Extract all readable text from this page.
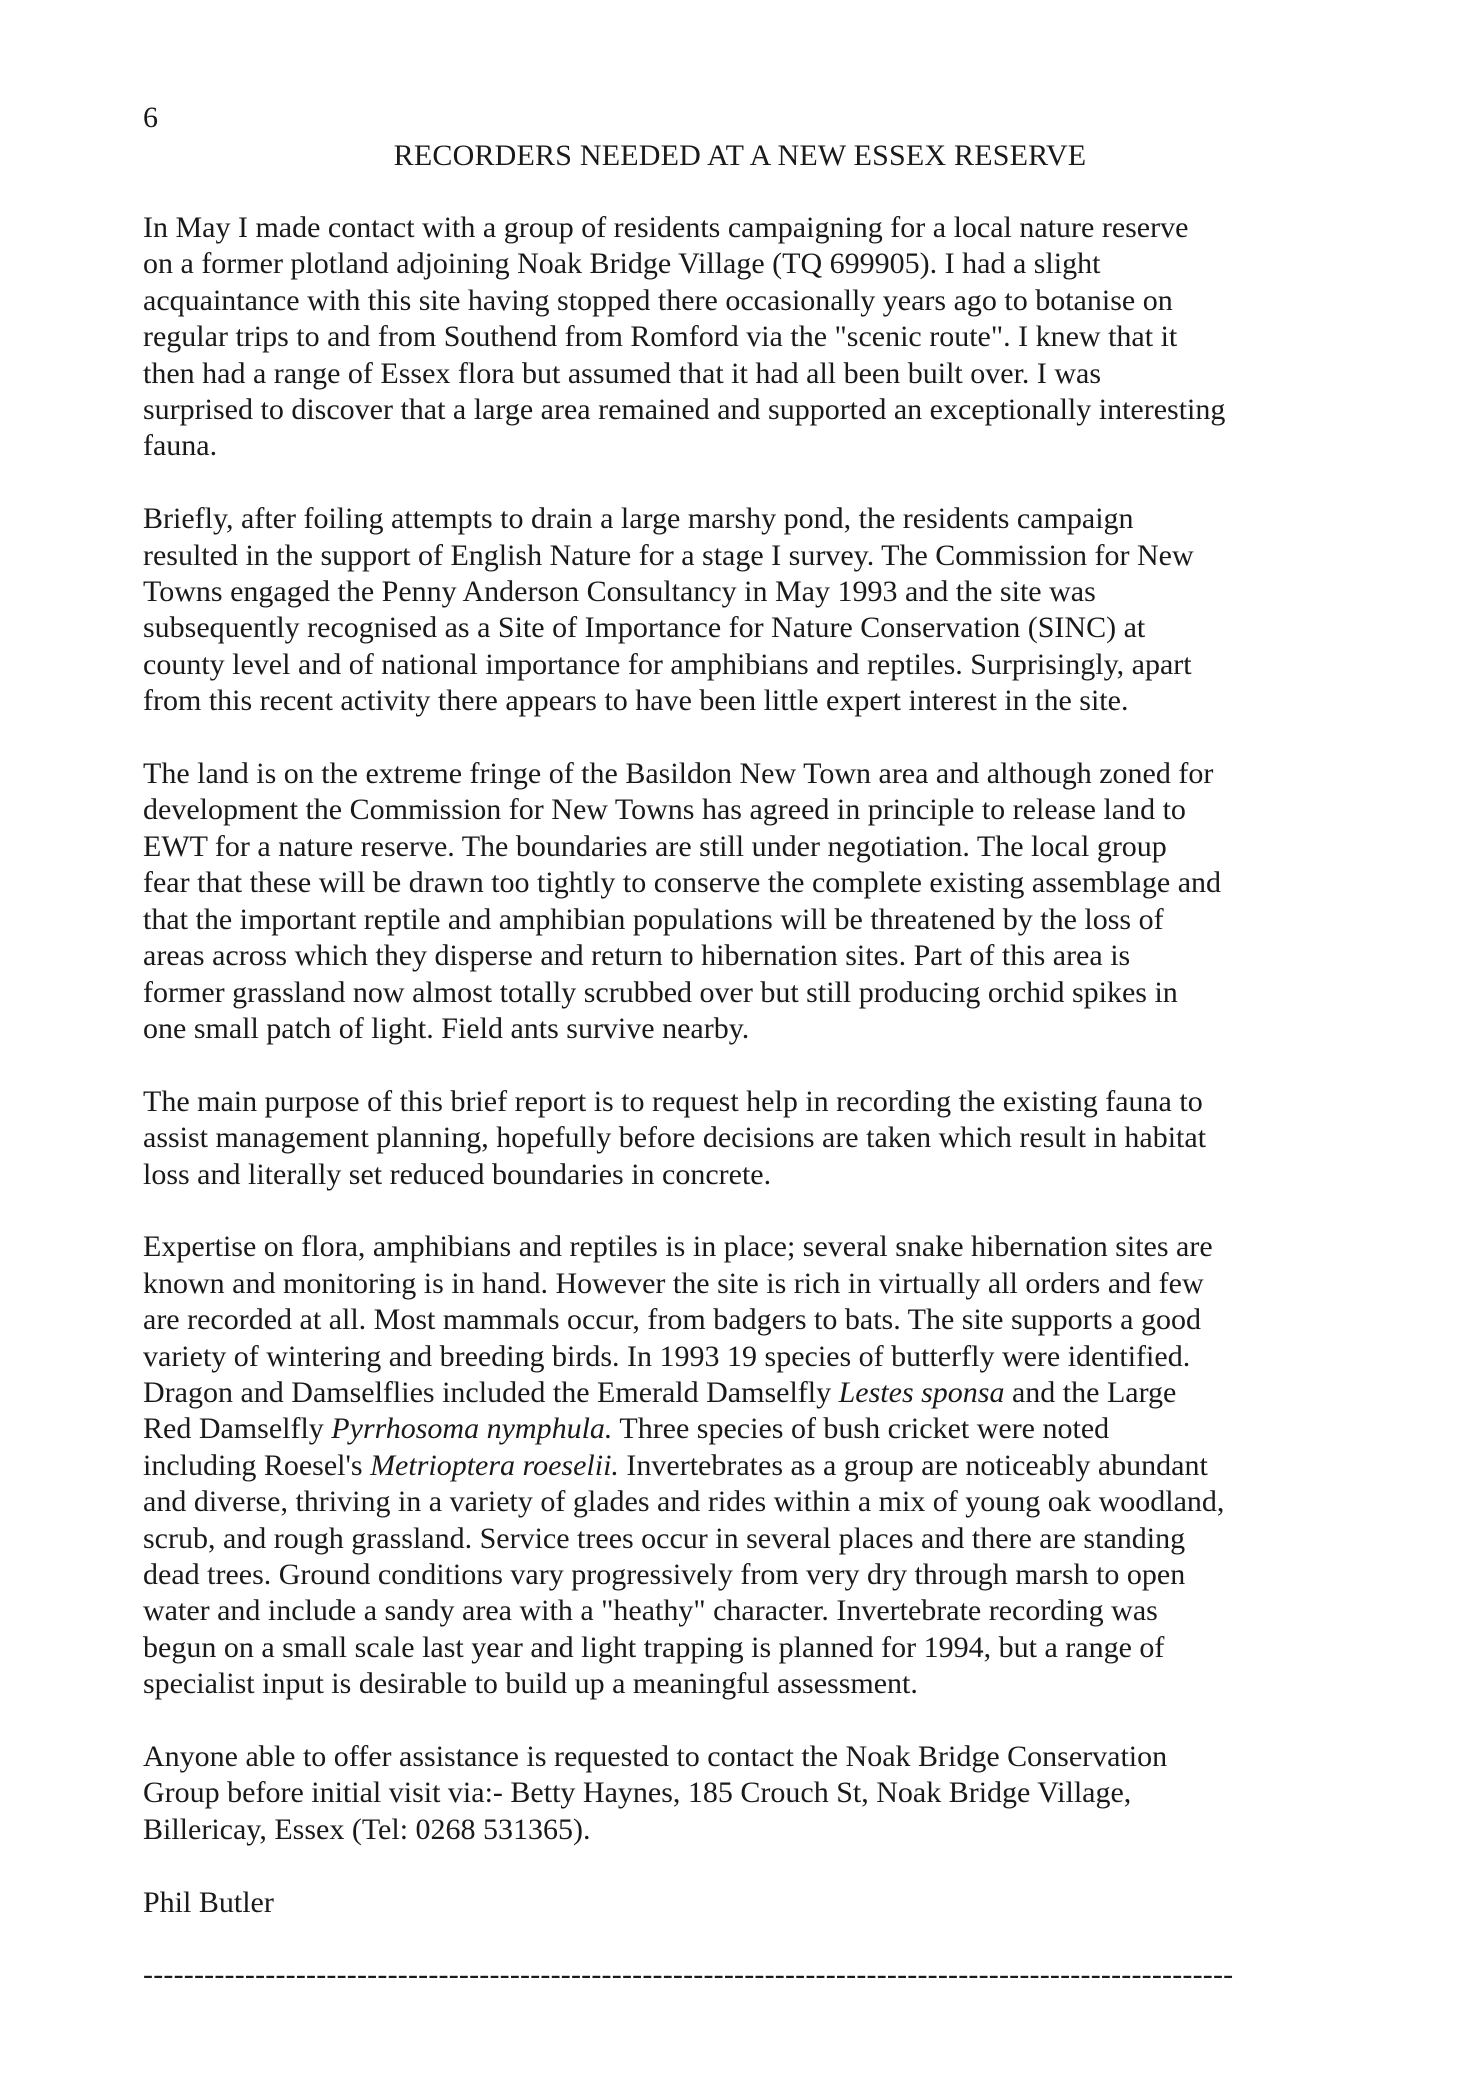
6

RECORDERS NEEDED AT A NEW ESSEX RESERVE

In May I made contact with a group of residents campaigning for a local nature reserve
on a former plotland adjoining Noak Bridge Village (TQ 699905). I had a slight
acquaintance with this site having stopped there occasionally years ago to botanise on
regular trips to and from Southend from Romford via the "scenic route". I knew that it
then had a range of Essex flora but assumed that it had all been built over. I was
surprised to discover that a large area remained and supported an exceptionally interesting
fauna.

Briefly, after foiling attempts to drain a large marshy pond, the residents campaign
resulted in the support of English Nature for a stage I survey. The Commission for New
Towns engaged the Penny Anderson Consultancy in May 1993 and the site was
subsequently recognised as a Site of Importance for Nature Conservation (SINC) at
county level and of national importance for amphibians and reptiles. Surprisingly, apart
from this recent activity there appears to have been little expert interest in the site.

The land is on the extreme fringe of the Basildon New Town area and although zoned for
development the Commission for New Towns has agreed in principle to release land to
EWT for a nature reserve. The boundaries are still under negotiation. The local group
fear that these will be drawn too tightly to conserve the complete existing assemblage and
that the important reptile and amphibian populations will be threatened by the loss of
areas across which they disperse and return to hibernation sites. Part of this area is
former grassland now almost totally scrubbed over but still producing orchid spikes in
one small patch of light. Field ants survive nearby.

The main purpose of this brief report is to request help in recording the existing fauna to
assist management planning, hopefully before decisions are taken which result in habitat
loss and literally set reduced boundaries in concrete.

Expertise on flora, amphibians and reptiles is in place; several snake hibernation sites are
known and monitoring is in hand. However the site is rich in virtually all orders and few
are recorded at all. Most mammals occur, from badgers to bats. The site supports a good
variety of wintering and breeding birds. In 1993 19 species of butterfly were identified.
Dragon and Damselflies included the Emerald Damselfly Lestes sponsa and the Large
Red Damselfly Pyrrhosoma nymphula. Three species of bush cricket were noted
including Roesel's Metrioptera roeselii. Invertebrates as a group are noticeably abundant
and diverse, thriving in a variety of glades and rides within a mix of young oak woodland,
scrub, and rough grassland. Service trees occur in several places and there are standing
dead trees. Ground conditions vary progressively from very dry through marsh to open
water and include a sandy area with a "heathy" character. Invertebrate recording was
begun on a small scale last year and light trapping is planned for 1994, but a range of
specialist input is desirable to build up a meaningful assessment.

Anyone able to offer assistance is requested to contact the Noak Bridge Conservation
Group before initial visit via:- Betty Haynes, 185 Crouch St, Noak Bridge Village,
Billericay, Essex (Tel: 0268 531365).

Phil Butler

-----------------------------------------------------------------------------------------------------------
